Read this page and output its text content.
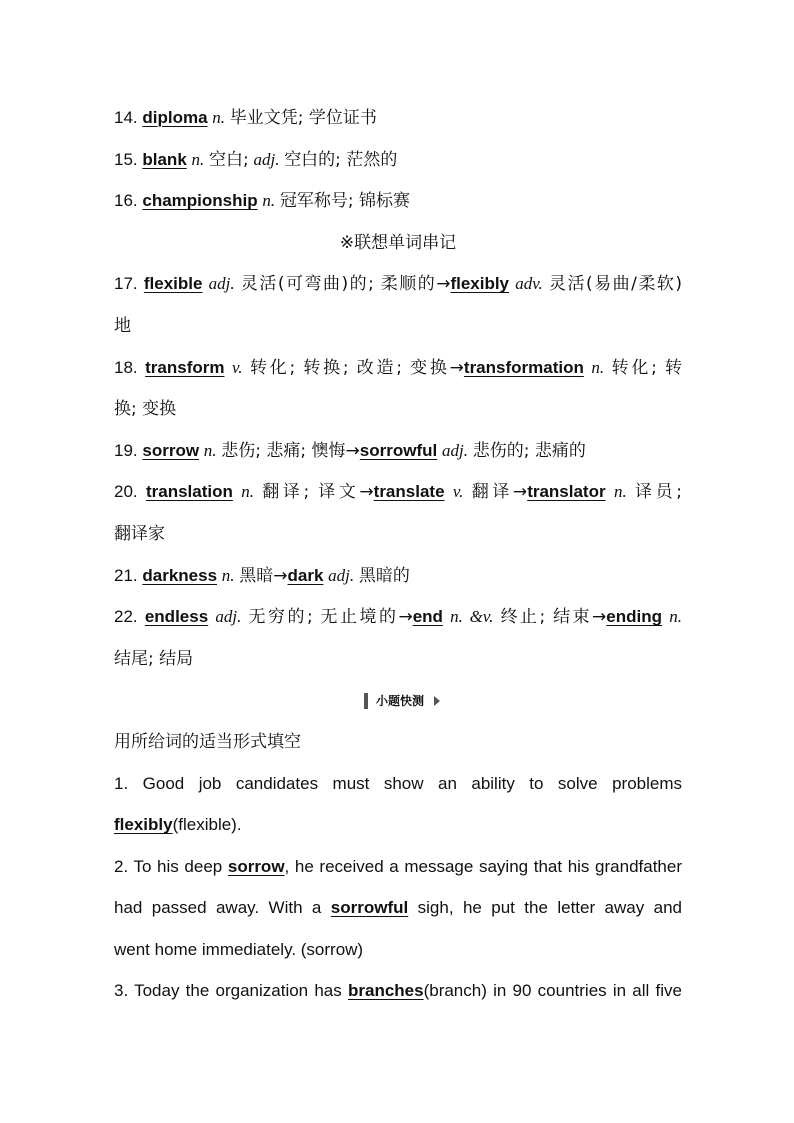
14. diploma n. 毕业文凭; 学位证书
15. blank n. 空白; adj. 空白的; 茫然的
16. championship n. 冠军称号; 锦标赛
※联想单词串记
17. flexible adj. 灵活(可弯曲)的; 柔顺的→flexibly adv. 灵活(易曲/柔软)
地
18. transform v. 转化; 转换; 改造; 变换→transformation n. 转化; 转
换; 变换
19. sorrow n. 悲伤; 悲痛; 懊悔→sorrowful adj. 悲伤的; 悲痛的
20. translation n. 翻译; 译文→translate v. 翻译→translator n. 译员;
翻译家
21. darkness n. 黑暗→dark adj. 黑暗的
22. endless adj. 无穷的; 无止境的→end n. &v. 终止; 结束→ending n.
结尾; 结局
小题快测
用所给词的适当形式填空
1. Good job candidates must show an ability to solve problems
flexibly(flexible).
2. To his deep sorrow, he received a message saying that his grandfather
had passed away. With a sorrowful sigh, he put the letter away and
went home immediately. (sorrow)
3. Today the organization has branches(branch) in 90 countries in all five
